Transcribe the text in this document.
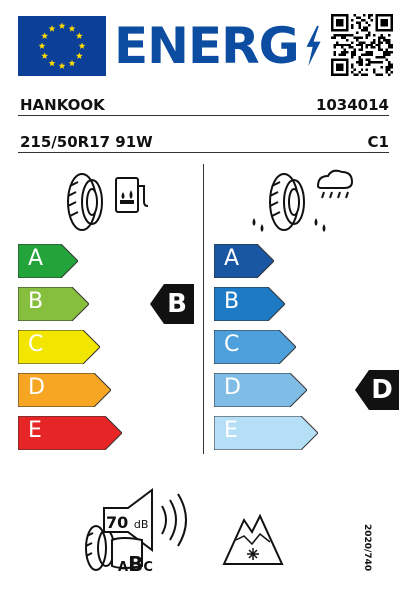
ENERG
HANKOOK	1034014
215/50R17 91W	C1
A
B
C
D
E
A
B
C
D
E
B
D
70 dB
ABC	2020/740
